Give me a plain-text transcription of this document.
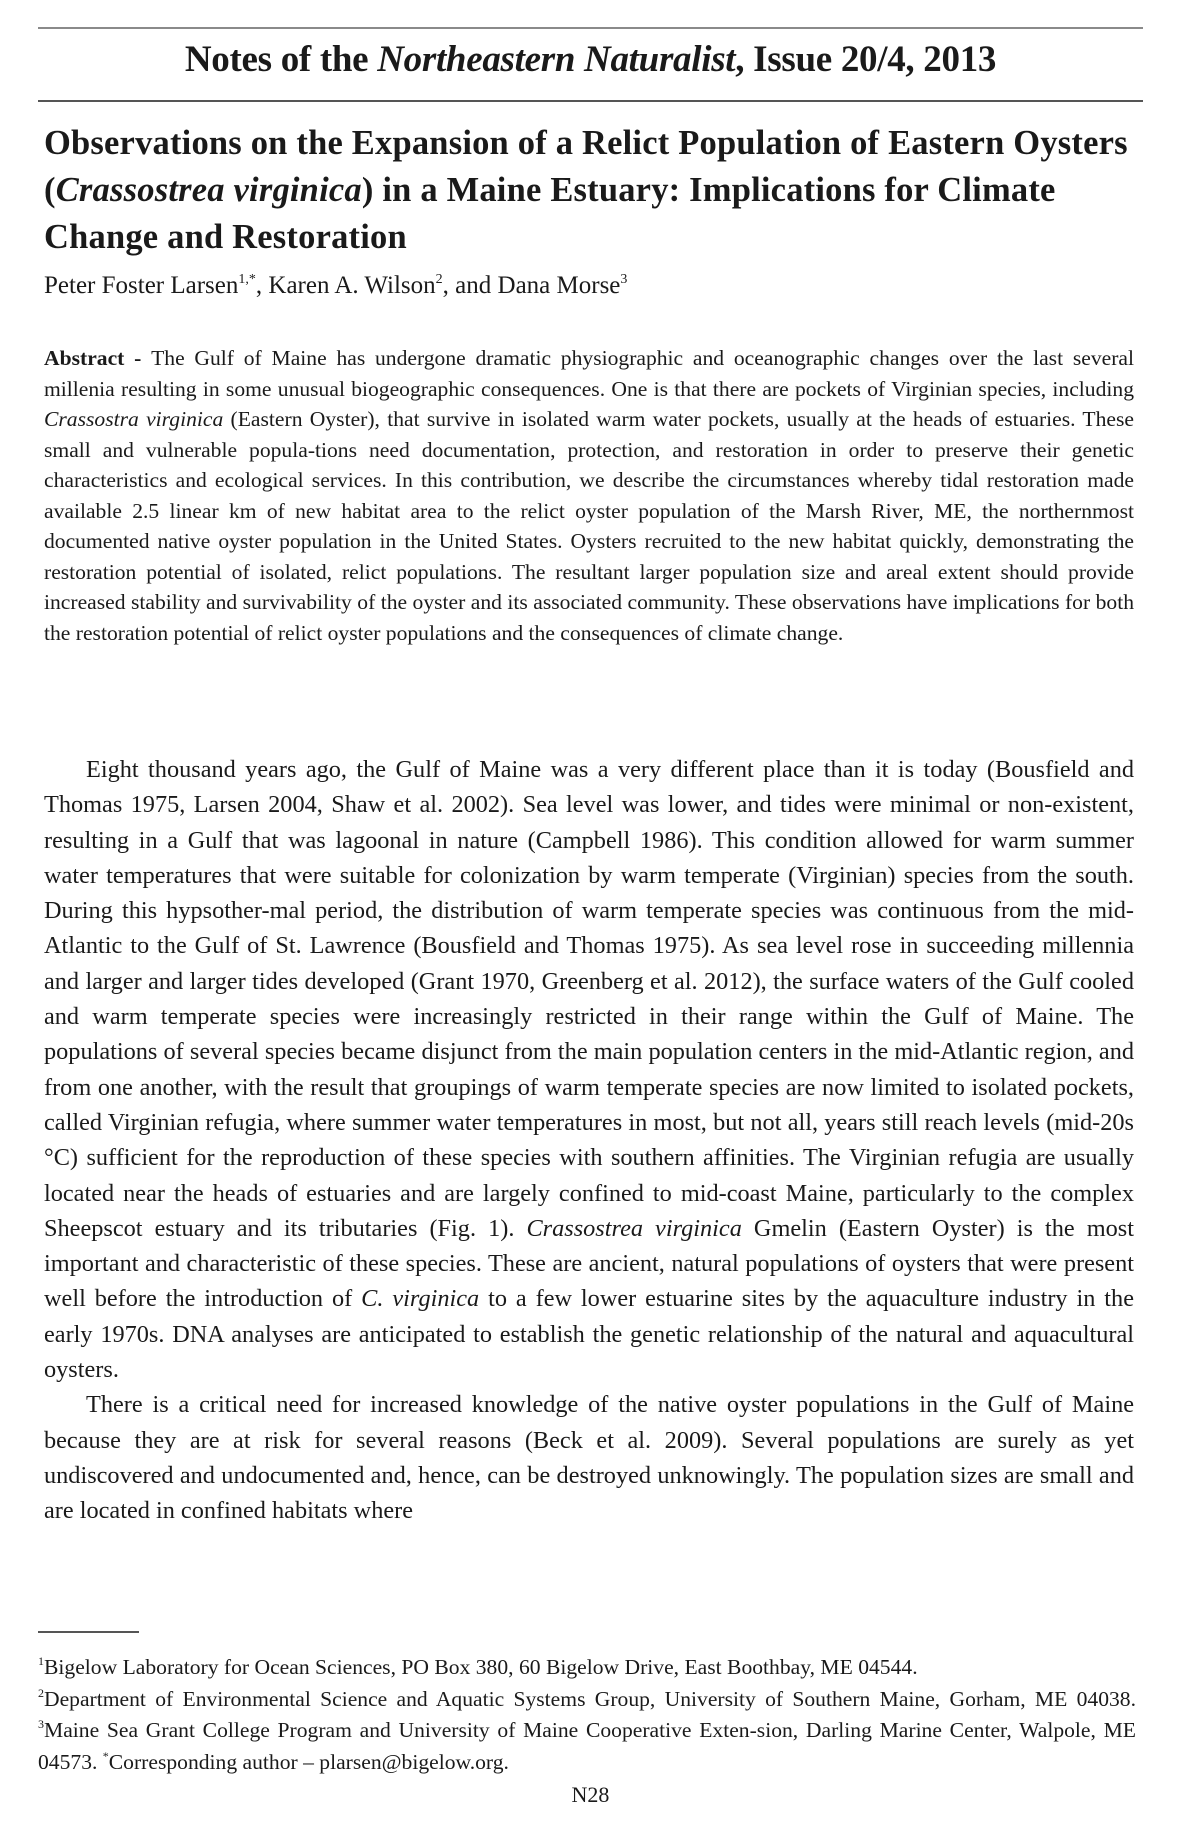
Notes of the Northeastern Naturalist, Issue 20/4, 2013
Observations on the Expansion of a Relict Population of Eastern Oysters (Crassostrea virginica) in a Maine Estuary: Implications for Climate Change and Restoration
Peter Foster Larsen$^{1,*}$, Karen A. Wilson$^2$, and Dana Morse$^3$
Abstract - The Gulf of Maine has undergone dramatic physiographic and oceanographic changes over the last several millenia resulting in some unusual biogeographic consequences. One is that there are pockets of Virginian species, including Crassostra virginica (Eastern Oyster), that survive in isolated warm water pockets, usually at the heads of estuaries. These small and vulnerable popula-tions need documentation, protection, and restoration in order to preserve their genetic characteristics and ecological services. In this contribution, we describe the circumstances whereby tidal restoration made available 2.5 linear km of new habitat area to the relict oyster population of the Marsh River, ME, the northernmost documented native oyster population in the United States. Oysters recruited to the new habitat quickly, demonstrating the restoration potential of isolated, relict populations. The resultant larger population size and areal extent should provide increased stability and survivability of the oyster and its associated community. These observations have implications for both the restoration potential of relict oyster populations and the consequences of climate change.

Eight thousand years ago, the Gulf of Maine was a very different place than it is today (Bousfield and Thomas 1975, Larsen 2004, Shaw et al. 2002). Sea level was lower, and tides were minimal or non-existent, resulting in a Gulf that was lagoonal in nature (Campbell 1986). This condition allowed for warm summer water temperatures that were suitable for colonization by warm temperate (Virginian) species from the south. During this hypsother-mal period, the distribution of warm temperate species was continuous from the mid-Atlantic to the Gulf of St. Lawrence (Bousfield and Thomas 1975). As sea level rose in succeeding millennia and larger and larger tides developed (Grant 1970, Greenberg et al. 2012), the surface waters of the Gulf cooled and warm temperate species were increasingly restricted in their range within the Gulf of Maine. The populations of several species became disjunct from the main population centers in the mid-Atlantic region, and from one another, with the result that groupings of warm temperate species are now limited to isolated pockets, called Virginian refugia, where summer water temperatures in most, but not all, years still reach levels (mid-20s °C) sufficient for the reproduction of these species with southern affinities. The Virginian refugia are usually located near the heads of estuaries and are largely confined to mid-coast Maine, particularly to the complex Sheepscot estuary and its tributaries (Fig. 1). Crassostrea virginica Gmelin (Eastern Oyster) is the most important and characteristic of these species. These are ancient, natural populations of oysters that were present well before the introduction of C. virginica to a few lower estuarine sites by the aquaculture industry in the early 1970s. DNA analyses are anticipated to establish the genetic relationship of the natural and aquacultural oysters.

There is a critical need for increased knowledge of the native oyster populations in the Gulf of Maine because they are at risk for several reasons (Beck et al. 2009). Several populations are surely as yet undiscovered and undocumented and, hence, can be destroyed unknowingly. The population sizes are small and are located in confined habitats where

$^1$Bigelow Laboratory for Ocean Sciences, PO Box 380, 60 Bigelow Drive, East Boothbay, ME 04544.
$^2$Department of Environmental Science and Aquatic Systems Group, University of Southern Maine, Gorham, ME 04038. $^3$Maine Sea Grant College Program and University of Maine Cooperative Exten-sion, Darling Marine Center, Walpole, ME 04573. *Corresponding author – plarsen@bigelow.org.
N28
